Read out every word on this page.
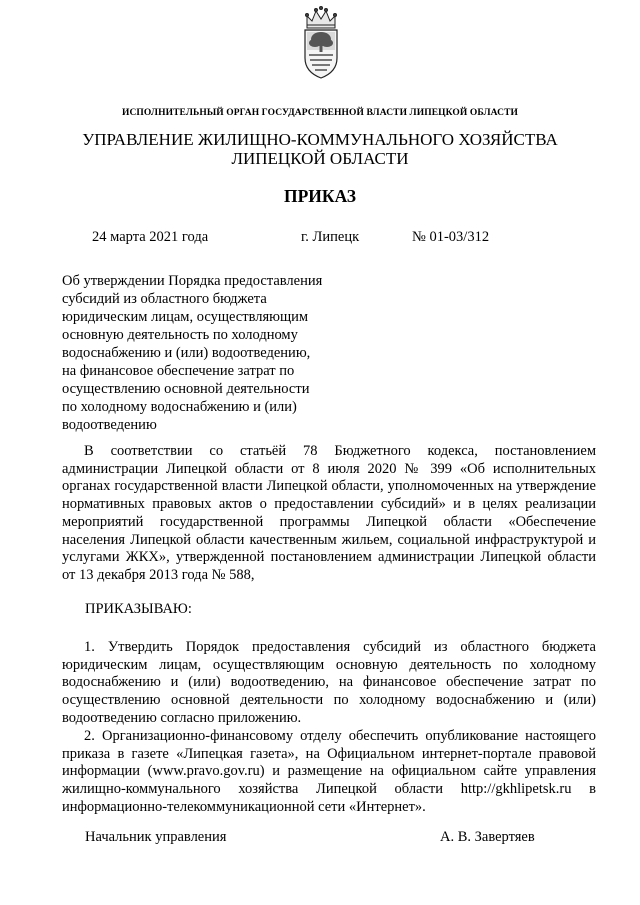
ИСПОЛНИТЕЛЬНЫЙ ОРГАН ГОСУДАРСТВЕННОЙ ВЛАСТИ ЛИПЕЦКОЙ ОБЛАСТИ
УПРАВЛЕНИЕ ЖИЛИЩНО-КОММУНАЛЬНОГО ХОЗЯЙСТВА
ЛИПЕЦКОЙ ОБЛАСТИ
ПРИКАЗ
24 марта 2021 года	г. Липецк	№ 01-03/312
Об утверждении Порядка предоставления
субсидий из областного бюджета
юридическим лицам, осуществляющим
основную деятельность по холодному
водоснабжению и (или) водоотведению,
на финансовое обеспечение затрат по
осуществлению основной деятельности
по холодному водоснабжению и (или)
водоотведению
В соответствии со статьёй 78 Бюджетного кодекса, постановлением администрации Липецкой области от 8 июля 2020 № 399 «Об исполнительных органах государственной власти Липецкой области, уполномоченных на утверждение нормативных правовых актов о предоставлении субсидий» и в целях реализации мероприятий государственной программы Липецкой области «Обеспечение населения Липецкой области качественным жильем, социальной инфраструктурой и услугами ЖКХ», утвержденной постановлением администрации Липецкой области от 13 декабря 2013 года № 588,
ПРИКАЗЫВАЮ:
1. Утвердить Порядок предоставления субсидий из областного бюджета юридическим лицам, осуществляющим основную деятельность по холодному водоснабжению и (или) водоотведению, на финансовое обеспечение затрат по осуществлению основной деятельности по холодному водоснабжению и (или) водоотведению согласно приложению.
2. Организационно-финансовому отделу обеспечить опубликование настоящего приказа в газете «Липецкая газета», на Официальном интернет-портале правовой информации (www.pravo.gov.ru) и размещение на официальном сайте управления жилищно-коммунального хозяйства Липецкой области http://gkhlipetsk.ru в информационно-телекоммуникационной сети «Интернет».
Начальник управления	А. В. Завертяев
